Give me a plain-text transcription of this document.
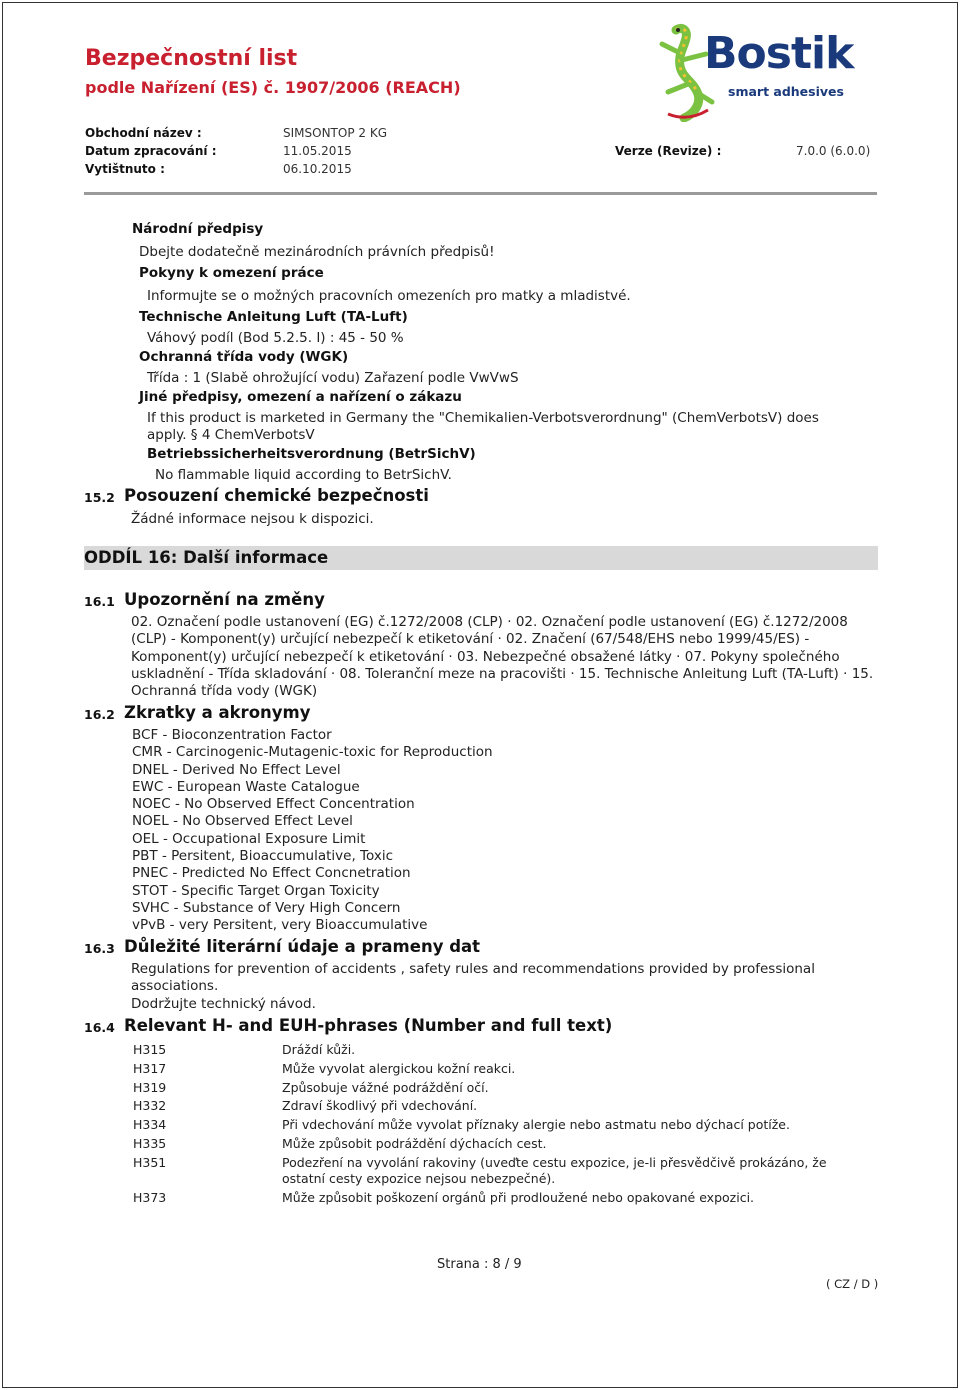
Bezpečnostní list
podle Nařízení (ES) č. 1907/2006 (REACH)
Bostik
smart adhesives
Obchodní název :	SIMSONTOP 2 KG
Datum zpracování :	11.05.2015	Verze (Revize) :	7.0.0 (6.0.0)
Vytištnuto :	06.10.2015
Národní předpisy
Dbejte dodatečně mezinárodních právních předpisů!
Pokyny k omezení práce
Informujte se o možných pracovních omezeních pro matky a mladistvé.
Technische Anleitung Luft (TA-Luft)
Váhový podíl (Bod 5.2.5. I) : 45 - 50 %
Ochranná třída vody (WGK)
Třída : 1 (Slabě ohrožující vodu) Zařazení podle VwVwS
Jiné předpisy, omezení a nařízení o zákazu
If this product is marketed in Germany the "Chemikalien-Verbotsverordnung" (ChemVerbotsV) does
apply. § 4 ChemVerbotsV
Betriebssicherheitsverordnung (BetrSichV)
No flammable liquid according to BetrSichV.
15.2 Posouzení chemické bezpečnosti
Žádné informace nejsou k dispozici.
ODDÍL 16: Další informace
16.1 Upozornění na změny
02. Označení podle ustanovení (EG) č.1272/2008 (CLP) · 02. Označení podle ustanovení (EG) č.1272/2008 (CLP) - Komponent(y) určující nebezpečí k etiketování · 02. Značení (67/548/EHS nebo 1999/45/ES) - Komponent(y) určující nebezpečí k etiketování · 03. Nebezpečné obsažené látky · 07. Pokyny společného uskladnění - Třída skladování · 08. Toleranční meze na pracovišti · 15. Technische Anleitung Luft (TA-Luft) · 15. Ochranná třída vody (WGK)
16.2 Zkratky a akronymy
BCF - Bioconzentration Factor
CMR - Carcinogenic-Mutagenic-toxic for Reproduction
DNEL - Derived No Effect Level
EWC - European Waste Catalogue
NOEC - No Observed Effect Concentration
NOEL - No Observed Effect Level
OEL - Occupational Exposure Limit
PBT - Persitent, Bioaccumulative, Toxic
PNEC - Predicted No Effect Concnetration
STOT - Specific Target Organ Toxicity
SVHC - Substance of Very High Concern
vPvB - very Persitent, very Bioaccumulative
16.3 Důležité literární údaje a prameny dat
Regulations for prevention of accidents , safety rules and recommendations provided by professional associations.
Dodržujte technický návod.
16.4 Relevant H- and EUH-phrases (Number and full text)
H315	Dráždí kůži.
H317	Může vyvolat alergickou kožní reakci.
H319	Způsobuje vážné podráždění očí.
H332	Zdraví škodlivý při vdechování.
H334	Při vdechování může vyvolat příznaky alergie nebo astmatu nebo dýchací potíže.
H335	Může způsobit podráždění dýchacích cest.
H351	Podezření na vyvolání rakoviny (uveďte cestu expozice, je-li přesvědčivě prokázáno, že ostatní cesty expozice nejsou nebezpečné).
H373	Může způsobit poškození orgánů při prodloužené nebo opakované expozici.
Strana : 8 / 9
( CZ / D )
